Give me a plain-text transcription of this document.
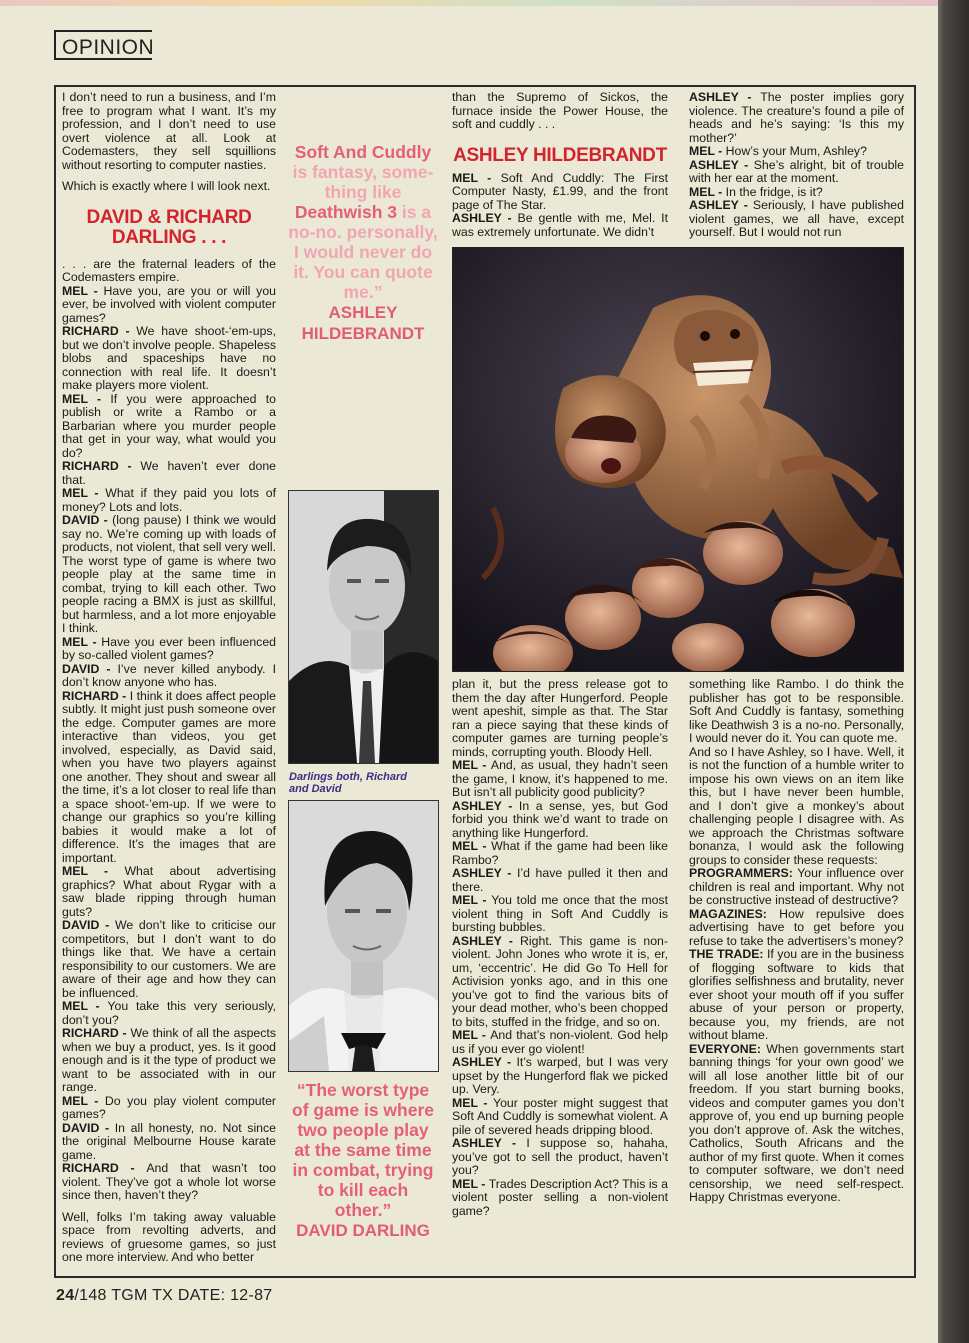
OPINION

I don’t need to run a business, and I’m free to program what I want. It’s my profession, and I don’t need to use overt violence at all. Look at Codemasters, they sell squillions without resorting to computer nasties.

Which is exactly where I will look next.

DAVID & RICHARD DARLING . . .

. . . are the fraternal leaders of the Codemasters empire.

MEL - Have you, are you or will you ever, be involved with violent computer games?

RICHARD - We have shoot-‘em-ups, but we don’t involve people. Shapeless blobs and spaceships have no connection with real life. It doesn’t make players more violent.

MEL - If you were approached to publish or write a Rambo or a Barbarian where you murder people that get in your way, what would you do?

RICHARD - We haven’t ever done that.

MEL - What if they paid you lots of money? Lots and lots.

DAVID - (long pause) I think we would say no. We’re coming up with loads of products, not violent, that sell very well. The worst type of game is where two people play at the same time in combat, trying to kill each other. Two people racing a BMX is just as skillful, but harmless, and a lot more enjoyable I think.

MEL - Have you ever been influenced by so-called violent games?

DAVID - I’ve never killed anybody. I don’t know anyone who has.

RICHARD - I think it does affect people subtly. It might just push someone over the edge. Computer games are more interactive than videos, you get involved, especially, as David said, when you have two players against one another. They shout and swear all the time, it’s a lot closer to real life than a space shoot-’em-up. If we were to change our graphics so you’re killing babies it would make a lot of difference. It’s the images that are important.

MEL - What about advertising graphics? What about Rygar with a saw blade ripping through human guts?

DAVID - We don’t like to criticise our competitors, but I don’t want to do things like that. We have a certain responsibility to our customers. We are aware of their age and how they can be influenced.

MEL - You take this very seriously, don’t you?

RICHARD - We think of all the aspects when we buy a product, yes. Is it good enough and is it the type of product we want to be associated with in our range.

MEL - Do you play violent computer games?

DAVID - In all honesty, no. Not since the original Melbourne House karate game.

RICHARD - And that wasn’t too violent. They’ve got a whole lot worse since then, haven’t they?

Well, folks I’m taking away valuable space from revolting adverts, and reviews of gruesome games, so just one more interview. And who better

Soft And Cuddly is fantasy, something like Deathwish 3 is a no-no. personally, I would never do it. You can quote me.”
ASHLEY HILDEBRANDT
Darlings both, Richard and David
“The worst type of game is where two people play at the same time in combat, trying to kill each other.”
DAVID DARLING

than the Supremo of Sickos, the furnace inside the Power House, the soft and cuddly . . .

ASHLEY HILDEBRANDT

MEL - Soft And Cuddly: The First Computer Nasty, £1.99, and the front page of The Star.

ASHLEY - Be gentle with me, Mel. It was extremely unfortunate. We didn’t

ASHLEY - The poster implies gory violence. The creature’s found a pile of heads and he’s saying: ‘Is this my mother?’

MEL - How’s your Mum, Ashley?

ASHLEY - She’s alright, bit of trouble with her ear at the moment.

MEL - In the fridge, is it?

ASHLEY - Seriously, I have published violent games, we all have, except yourself. But I would not run

plan it, but the press release got to them the day after Hungerford. People went apeshit, simple as that. The Star ran a piece saying that these kinds of computer games are turning people’s minds, corrupting youth. Bloody Hell.

MEL - And, as usual, they hadn’t seen the game, I know, it’s happened to me. But isn’t all publicity good publicity?

ASHLEY - In a sense, yes, but God forbid you think we’d want to trade on anything like Hungerford.

MEL - What if the game had been like Rambo?

ASHLEY - I’d have pulled it then and there.

MEL - You told me once that the most violent thing in Soft And Cuddly is bursting bubbles.

ASHLEY - Right. This game is non-violent. John Jones who wrote it is, er, um, ‘eccentric’. He did Go To Hell for Activision yonks ago, and in this one you’ve got to find the various bits of your dead mother, who’s been chopped to bits, stuffed in the fridge, and so on.

MEL - And that’s non-violent. God help us if you ever go violent!

ASHLEY - It’s warped, but I was very upset by the Hungerford flak we picked up. Very.

MEL - Your poster might suggest that Soft And Cuddly is somewhat violent. A pile of severed heads dripping blood.

ASHLEY - I suppose so, hahaha, you’ve got to sell the product, haven’t you?

MEL - Trades Description Act? This is a violent poster selling a non-violent game?

something like Rambo. I do think the publisher has got to be responsible. Soft And Cuddly is fantasy, something like Deathwish 3 is a no-no. Personally, I would never do it. You can quote me.

And so I have Ashley, so I have. Well, it is not the function of a humble writer to impose his own views on an item like this, but I have never been humble, and I don’t give a monkey’s about challenging people I disagree with. As we approach the Christmas software bonanza, I would ask the following groups to consider these requests:

PROGRAMMERS: Your influence over children is real and important. Why not be constructive instead of destructive?

MAGAZINES: How repulsive does advertising have to get before you refuse to take the advertisers’s money?

THE TRADE: If you are in the business of flogging software to kids that glorifies selfishness and brutality, never ever shoot your mouth off if you suffer abuse of your person or property, because you, my friends, are not without blame.

EVERYONE: When governments start banning things ‘for your own good’ we will all lose another little bit of our freedom. If you start burning books, videos and computer games you don’t approve of, you end up burning people you don’t approve of. Ask the witches, Catholics, South Africans and the author of my first quote. When it comes to computer software, we don’t need censorship, we need self-respect. Happy Christmas everyone.

24/148 TGM TX DATE: 12-87
